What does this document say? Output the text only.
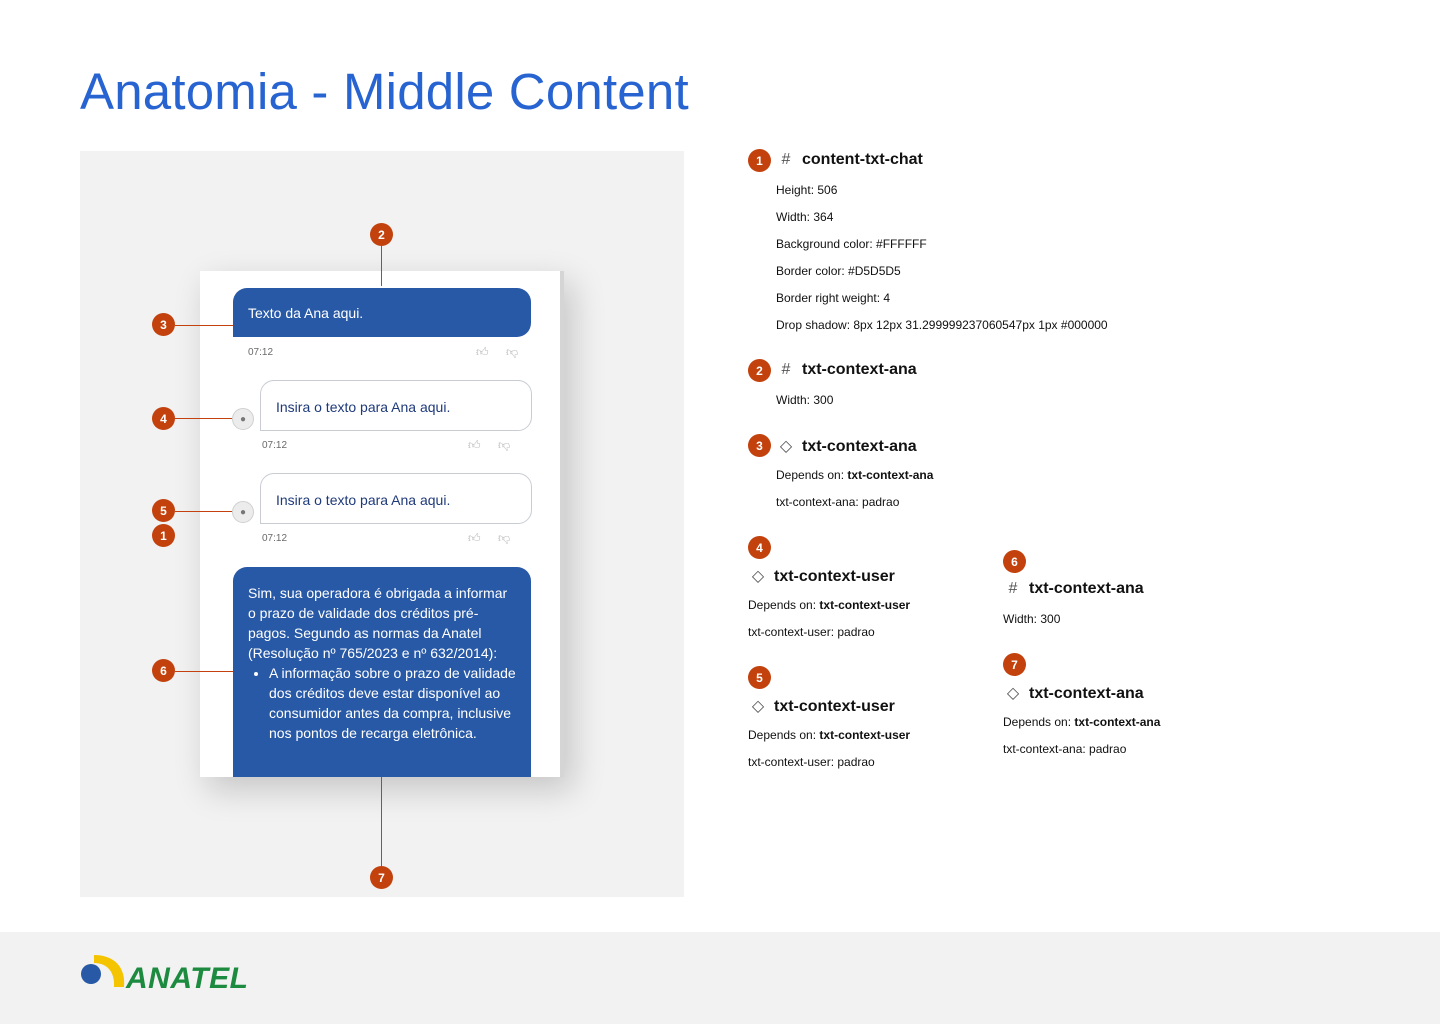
Anatomia - Middle Content
Texto da Ana aqui.
07:12	👍︎ 👎︎
●
Insira o texto para Ana aqui.
07:12	👍︎ 👎︎
●
Insira o texto para Ana aqui.
07:12	👍︎ 👎︎
Sim, sua operadora é obrigada a informar o prazo de validade dos créditos pré-pagos. Segundo as normas da Anatel (Resolução nº 765/2023 e nº 632/2014):
• A informação sobre o prazo de validade dos créditos deve estar disponível ao consumidor antes da compra, inclusive nos pontos de recarga eletrônica.
2
3
4
5
1
6
7
1	# content-txt-chat
Height: 506
Width: 364
Background color: #FFFFFF
Border color: #D5D5D5
Border right weight: 4
Drop shadow: 8px 12px 31.299999237060547px 1px #000000
2	# txt-context-ana
Width: 300
3	◇ txt-context-ana
Depends on: txt-context-ana
txt-context-ana: padrao
4
◇ txt-context-user
Depends on: txt-context-user
txt-context-user: padrao
5
◇ txt-context-user
Depends on: txt-context-user
txt-context-user: padrao
6
# txt-context-ana
Width: 300
7
◇ txt-context-ana
Depends on: txt-context-ana
txt-context-ana: padrao
ANATEL
